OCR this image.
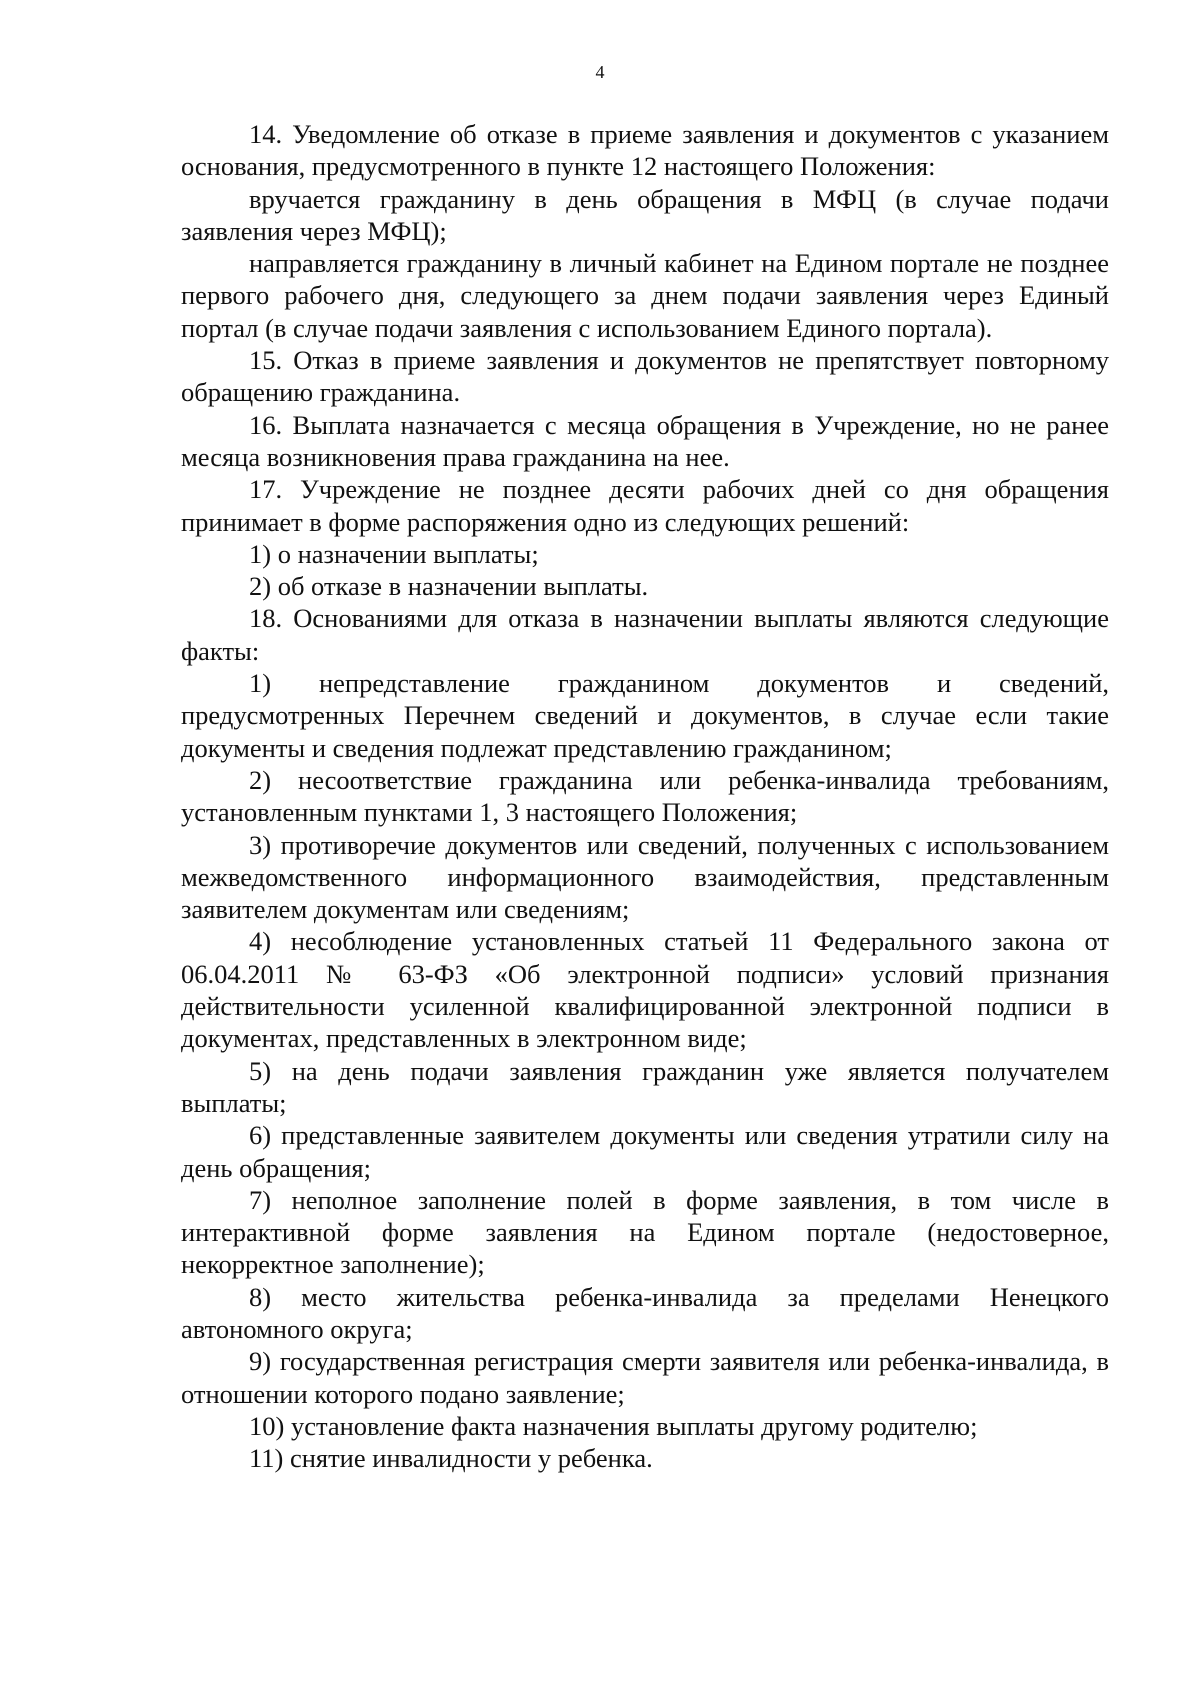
4

14. Уведомление об отказе в приеме заявления и документов с указанием основания, предусмотренного в пункте 12 настоящего Положения:

вручается гражданину в день обращения в МФЦ (в случае подачи заявления через МФЦ);

направляется гражданину в личный кабинет на Едином портале не позднее первого рабочего дня, следующего за днем подачи заявления через Единый портал (в случае подачи заявления с использованием Единого портала).

15. Отказ в приеме заявления и документов не препятствует повторному обращению гражданина.

16. Выплата назначается с месяца обращения в Учреждение, но не ранее месяца возникновения права гражданина на нее.

17. Учреждение не позднее десяти рабочих дней со дня обращения принимает в форме распоряжения одно из следующих решений:

1) о назначении выплаты;

2) об отказе в назначении выплаты.

18. Основаниями для отказа в назначении выплаты являются следующие факты:

1) непредставление гражданином документов и сведений, предусмотренных Перечнем сведений и документов, в случае если такие документы и сведения подлежат представлению гражданином;

2) несоответствие гражданина или ребенка-инвалида требованиям, установленным пунктами 1, 3 настоящего Положения;

3) противоречие документов или сведений, полученных с использованием межведомственного информационного взаимодействия, представленным заявителем документам или сведениям;

4) несоблюдение установленных статьей 11 Федерального закона от 06.04.2011 № 63-ФЗ «Об электронной подписи» условий признания действительности усиленной квалифицированной электронной подписи в документах, представленных в электронном виде;

5) на день подачи заявления гражданин уже является получателем выплаты;

6) представленные заявителем документы или сведения утратили силу на день обращения;

7) неполное заполнение полей в форме заявления, в том числе в интерактивной форме заявления на Едином портале (недостоверное, некорректное заполнение);

8) место жительства ребенка-инвалида за пределами Ненецкого автономного округа;

9) государственная регистрация смерти заявителя или ребенка-инвалида, в отношении которого подано заявление;

10) установление факта назначения выплаты другому родителю;

11) снятие инвалидности у ребенка.
